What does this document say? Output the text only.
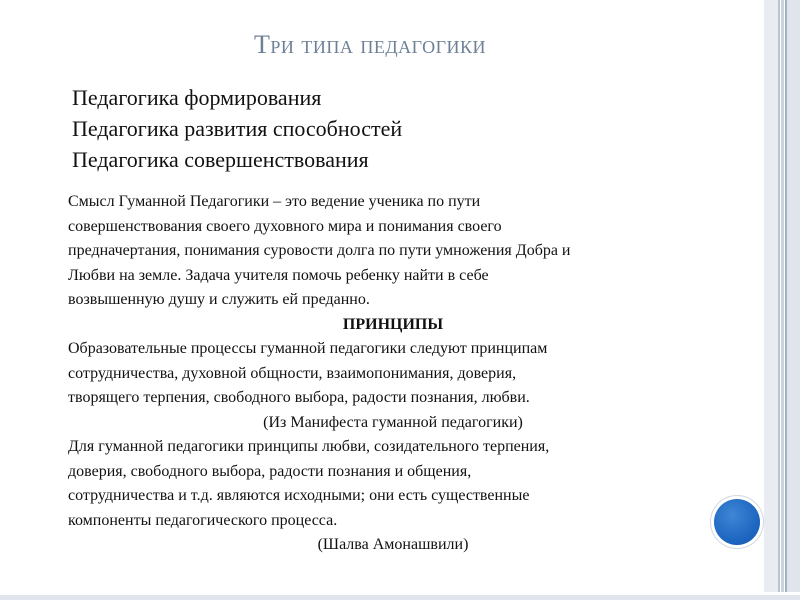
Три типа педагогики
Педагогика формирования
Педагогика развития способностей
Педагогика совершенствования
Смысл Гуманной Педагогики – это ведение ученика по пути
совершенствования своего духовного мира и понимания своего
предначертания, понимания суровости долга по пути умножения Добра и
Любви на земле. Задача учителя помочь ребенку найти в себе
возвышенную душу и служить ей преданно.
ПРИНЦИПЫ
Образовательные процессы гуманной педагогики следуют принципам
сотрудничества, духовной общности, взаимопонимания, доверия,
творящего терпения, свободного выбора, радости познания, любви.
(Из Манифеста гуманной педагогики)
Для гуманной педагогики принципы любви, созидательного терпения,
доверия, свободного выбора, радости познания и общения,
сотрудничества и т.д. являются исходными; они есть существенные
компоненты педагогического процесса.
(Шалва Амонашвили)
